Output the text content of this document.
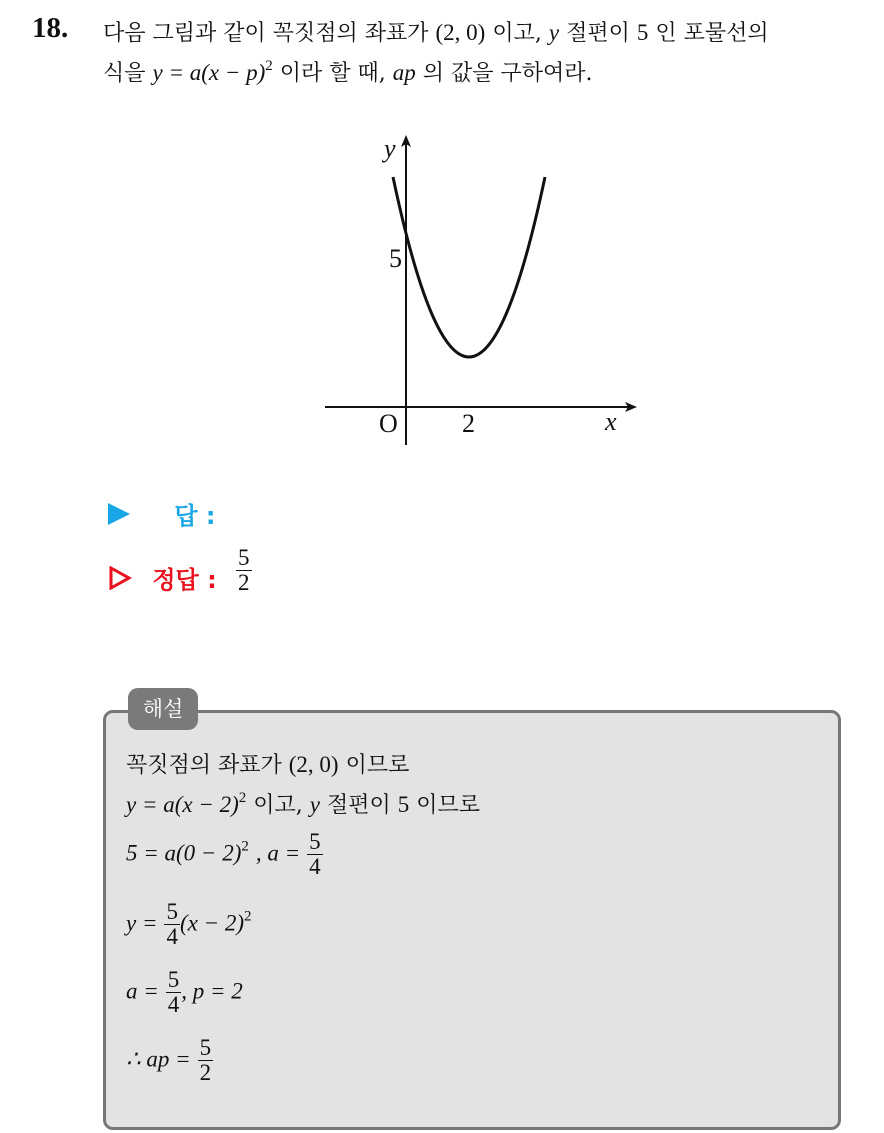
18. 다음 그림과 같이 꼭짓점의 좌표가 (2, 0) 이고, y 절편이 5 인 포물선의
식을 $y = a(x - p)^2$ 이라 할 때, ap 의 값을 구하여라.
y
x
O
5
2
답 :
정답 : $\frac{5}{2}$
해설
꼭짓점의 좌표가 (2, 0) 이므로
$y = a(x - 2)^2$ 이고, y 절편이 5 이므로
$5 = a(0 - 2)^2$ , $a = \frac{5}{4}$
$y = \frac{5}{4} (x - 2)^2$
$a = \frac{5}{4}$ , p = 2
∴ ap = $\frac{5}{2}$
